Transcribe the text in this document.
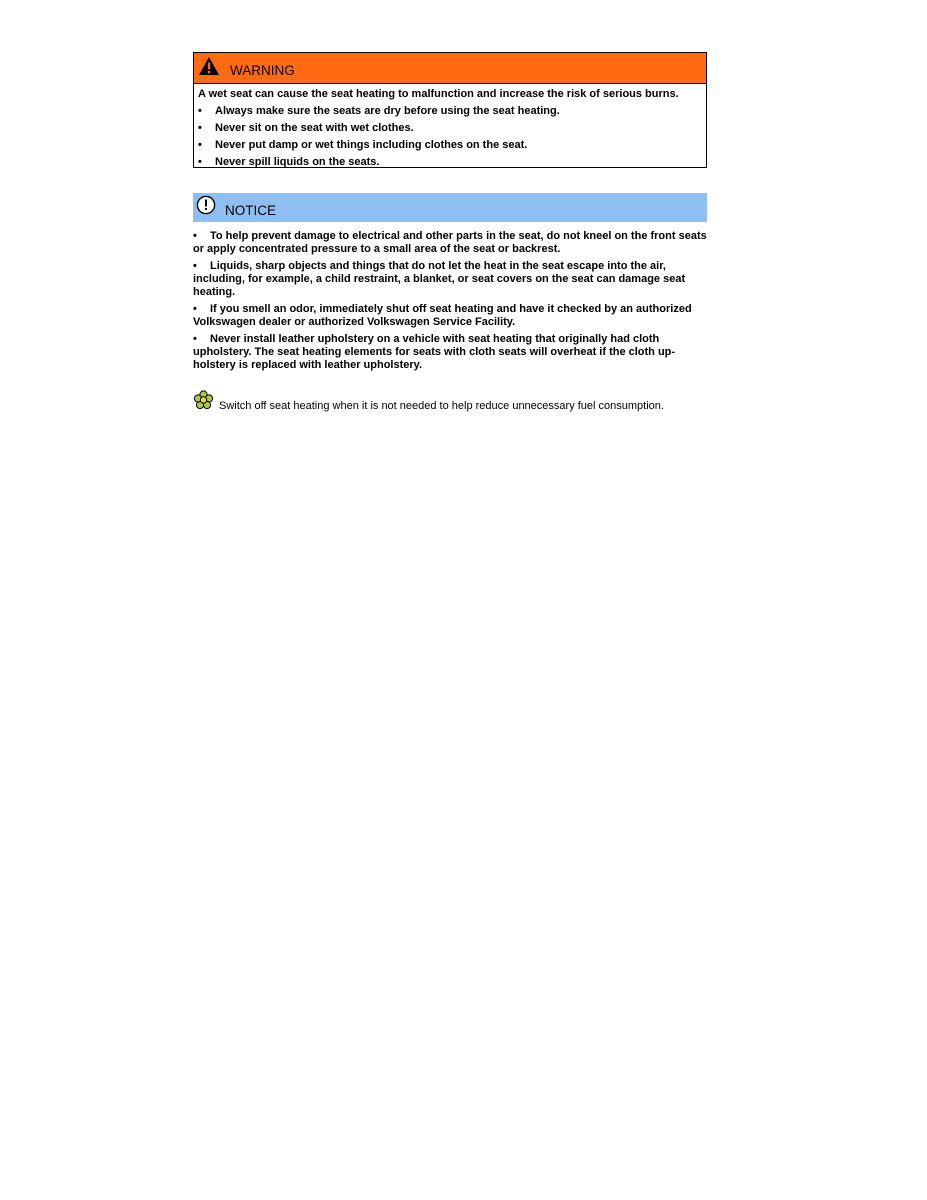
WARNING

A wet seat can cause the seat heating to malfunction and increase the risk of serious burns.

• Always make sure the seats are dry before using the seat heating.
• Never sit on the seat with wet clothes.
• Never put damp or wet things including clothes on the seat.
• Never spill liquids on the seats.
NOTICE
• To help prevent damage to electrical and other parts in the seat, do not kneel on the front seats or apply concentrated pressure to a small area of the seat or backrest.
• Liquids, sharp objects and things that do not let the heat in the seat escape into the air, including, for example, a child restraint, a blanket, or seat covers on the seat can damage seat heating.
• If you smell an odor, immediately shut off seat heating and have it checked by an authorized Volkswagen dealer or authorized Volkswagen Service Facility.
• Never install leather upholstery on a vehicle with seat heating that originally had cloth upholstery. The seat heating elements for seats with cloth seats will overheat if the cloth up-holstery is replaced with leather upholstery.
Switch off seat heating when it is not needed to help reduce unnecessary fuel consumption.
